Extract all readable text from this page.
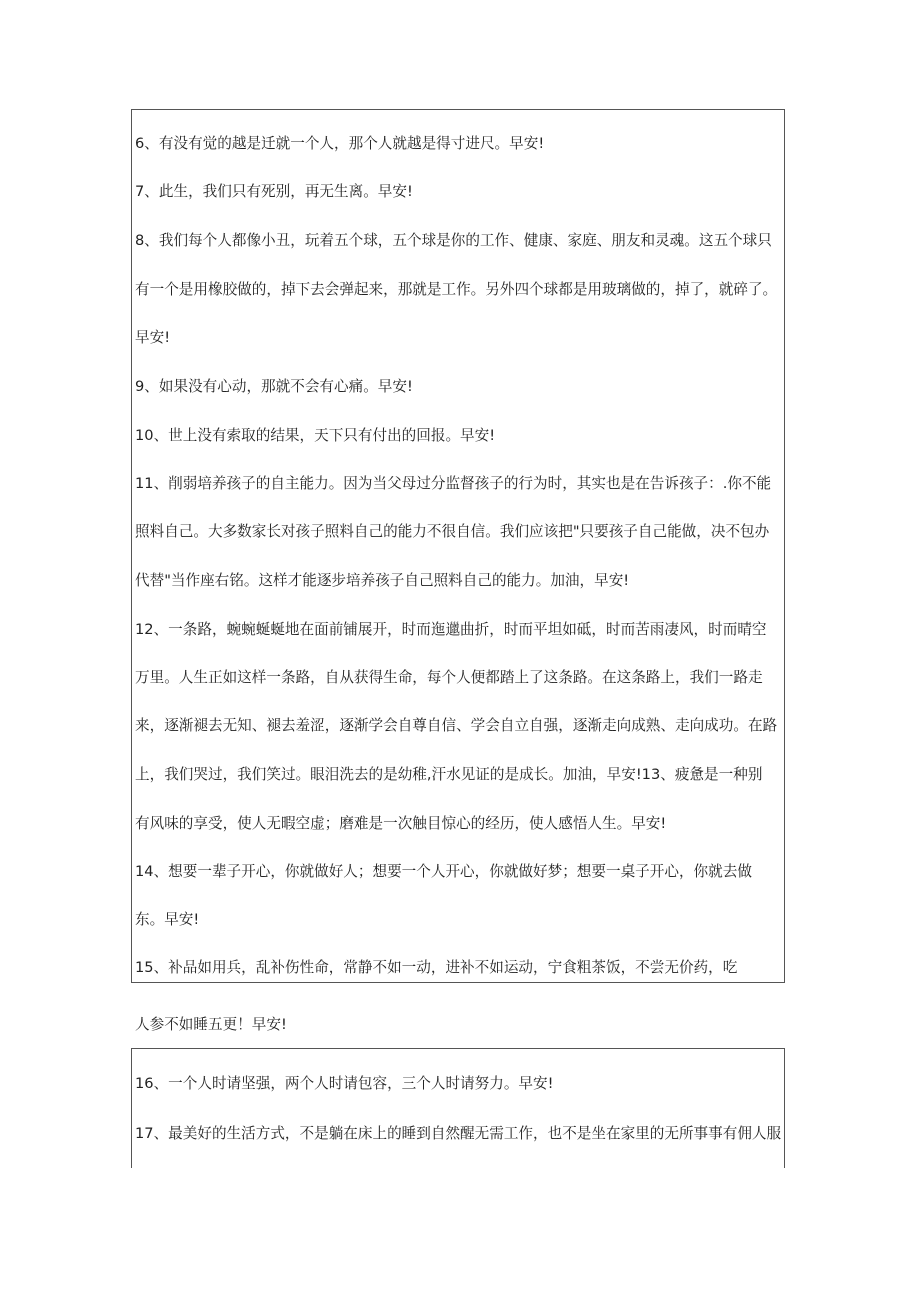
6、有没有觉的越是迁就一个人，那个人就越是得寸进尺。早安!
7、此生，我们只有死别，再无生离。早安!
8、我们每个人都像小丑，玩着五个球，五个球是你的工作、健康、家庭、朋友和灵魂。这五个球只
有一个是用橡胶做的，掉下去会弹起来，那就是工作。另外四个球都是用玻璃做的，掉了，就碎了。
早安!
9、如果没有心动，那就不会有心痛。早安!
10、世上没有索取的结果，天下只有付出的回报。早安!
11、削弱培养孩子的自主能力。因为当父母过分监督孩子的行为时，其实也是在告诉孩子：.你不能
照料自己。大多数家长对孩子照料自己的能力不很自信。我们应该把"只要孩子自己能做，决不包办
代替"当作座右铭。这样才能逐步培养孩子自己照料自己的能力。加油，早安!
12、一条路，蜿蜿蜒蜒地在面前铺展开，时而迤邋曲折，时而平坦如砥，时而苦雨凄风，时而晴空
万里。人生正如这样一条路，自从获得生命，每个人便都踏上了这条路。在这条路上，我们一路走
来，逐渐褪去无知、褪去羞涩，逐渐学会自尊自信、学会自立自强，逐渐走向成熟、走向成功。在路
上，我们哭过，我们笑过。眼泪洗去的是幼稚,汗水见证的是成长。加油，早安!13、疲惫是一种别
有风味的享受，使人无暇空虚；磨难是一次触目惊心的经历，使人感悟人生。早安!
14、想要一辈子开心，你就做好人；想要一个人开心，你就做好梦；想要一桌子开心，你就去做
东。早安!
15、补品如用兵，乱补伤性命，常静不如一动，进补不如运动，宁食粗茶饭，不尝无价药，吃
人参不如睡五更！早安!
16、一个人时请坚强，两个人时请包容，三个人时请努力。早安!
17、最美好的生活方式，不是躺在床上的睡到自然醒无需工作，也不是坐在家里的无所事事有佣人服
